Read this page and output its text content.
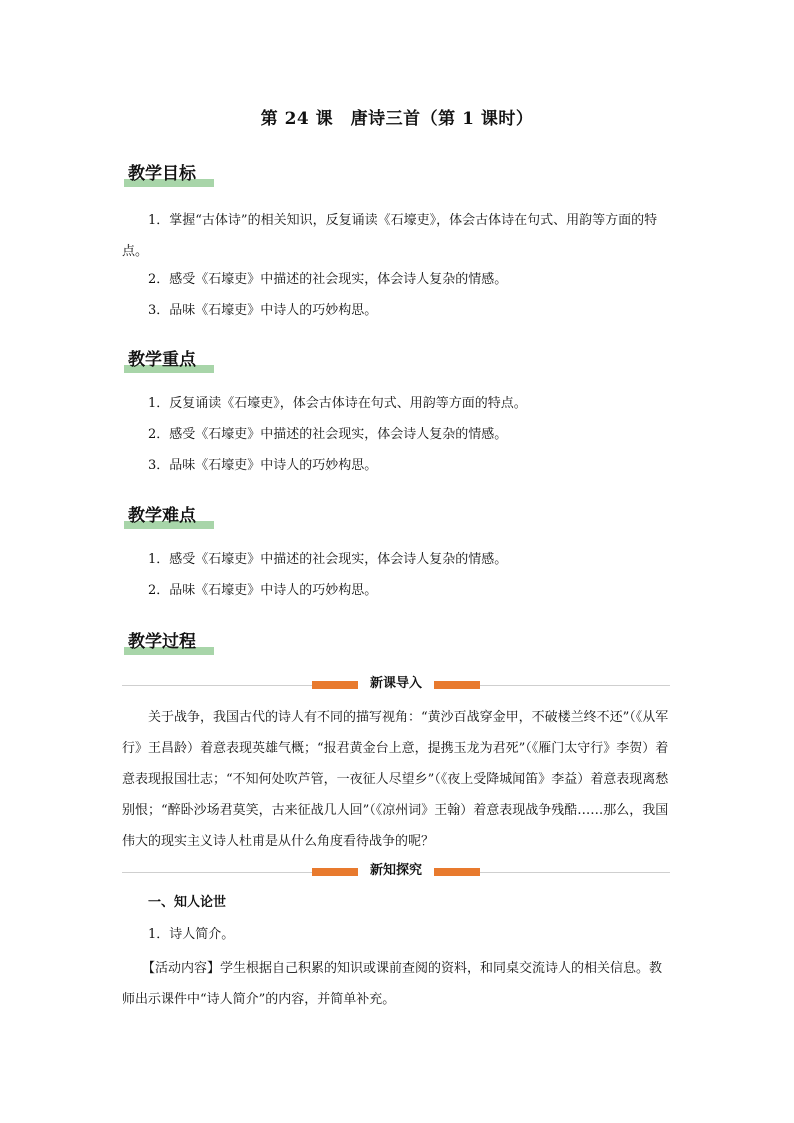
第 24 课　唐诗三首（第 1 课时）
教学目标
1．掌握“古体诗”的相关知识，反复诵读《石壕吏》，体会古体诗在句式、用韵等方面的特点。
2．感受《石壕吏》中描述的社会现实，体会诗人复杂的情感。
3．品味《石壕吏》中诗人的巧妙构思。
教学重点
1．反复诵读《石壕吏》，体会古体诗在句式、用韵等方面的特点。
2．感受《石壕吏》中描述的社会现实，体会诗人复杂的情感。
3．品味《石壕吏》中诗人的巧妙构思。
教学难点
1．感受《石壕吏》中描述的社会现实，体会诗人复杂的情感。
2．品味《石壕吏》中诗人的巧妙构思。
教学过程
新课导入
关于战争，我国古代的诗人有不同的描写视角：“黄沙百战穿金甲，不破楼兰终不还”（《从军行》王昌龄）着意表现英雄气概；“报君黄金台上意，提携玉龙为君死”（《雁门太守行》李贺）着意表现报国壮志；“不知何处吹芦管，一夜征人尽望乡”（《夜上受降城闻笛》李益）着意表现离愁别恨；“醉卧沙场君莫笑，古来征战几人回”（《凉州词》王翰）着意表现战争残酷……那么，我国伟大的现实主义诗人杜甫是从什么角度看待战争的呢？
新知探究
一、知人论世
1．诗人简介。
【活动内容】学生根据自己积累的知识或课前查阅的资料，和同桌交流诗人的相关信息。教师出示课件中“诗人简介”的内容，并简单补充。
